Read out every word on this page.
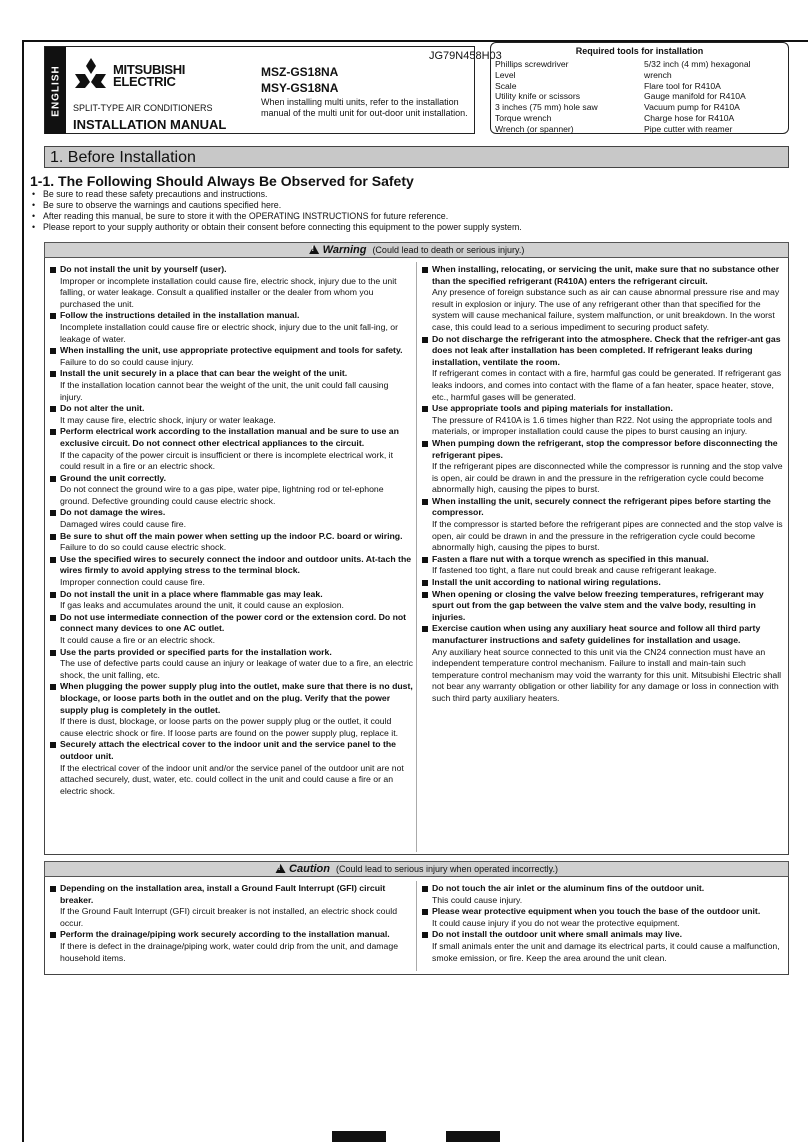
ENGLISH	MITSUBISHI
ELECTRIC
SPLIT-TYPE AIR CONDITIONERS
INSTALLATION MANUAL
JG79N458H03
MSZ-GS18NA
MSY-GS18NA
When installing multi units, refer to the installation manual of the multi unit for out-door unit installation.
Required tools for installation
Phillips screwdriver
Level
Scale
Utility knife or scissors
3 inches (75 mm) hole saw
Torque wrench
Wrench (or spanner)
5/32 inch (4 mm) hexagonal
wrench
Flare tool for R410A
Gauge manifold for R410A
Vacuum pump for R410A
Charge hose for R410A
Pipe cutter with reamer
1. Before Installation
1-1. The Following Should Always Be Observed for Safety
• Be sure to read these safety precautions and instructions.
• Be sure to observe the warnings and cautions specified here.
• After reading this manual, be sure to store it with the OPERATING INSTRUCTIONS for future reference.
• Please report to your supply authority or obtain their consent before connecting this equipment to the power supply system.
!Warning (Could lead to death or serious injury.)
Do not install the unit by yourself (user).
Improper or incomplete installation could cause fire, electric shock, injury due to the unit falling, or water leakage. Consult a qualified installer or the dealer from whom you purchased the unit.
Follow the instructions detailed in the installation manual.
Incomplete installation could cause fire or electric shock, injury due to the unit fall-ing, or leakage of water.
When installing the unit, use appropriate protective equipment and tools for safety.
Failure to do so could cause injury.
Install the unit securely in a place that can bear the weight of the unit.
If the installation location cannot bear the weight of the unit, the unit could fall causing injury.
Do not alter the unit.
It may cause fire, electric shock, injury or water leakage.
Perform electrical work according to the installation manual and be sure to use an exclusive circuit. Do not connect other electrical appliances to the circuit.
If the capacity of the power circuit is insufficient or there is incomplete electrical work, it could result in a fire or an electric shock.
Ground the unit correctly.
Do not connect the ground wire to a gas pipe, water pipe, lightning rod or tel-ephone ground. Defective grounding could cause electric shock.
Do not damage the wires.
Damaged wires could cause fire.
Be sure to shut off the main power when setting up the indoor P.C. board or wiring.
Failure to do so could cause electric shock.
Use the specified wires to securely connect the indoor and outdoor units. At-tach the wires firmly to avoid applying stress to the terminal block.
Improper connection could cause fire.
Do not install the unit in a place where flammable gas may leak.
If gas leaks and accumulates around the unit, it could cause an explosion.
Do not use intermediate connection of the power cord or the extension cord. Do not connect many devices to one AC outlet.
It could cause a fire or an electric shock.
Use the parts provided or specified parts for the installation work.
The use of defective parts could cause an injury or leakage of water due to a fire, an electric shock, the unit falling, etc.
When plugging the power supply plug into the outlet, make sure that there is no dust, blockage, or loose parts both in the outlet and on the plug. Verify that the power supply plug is completely in the outlet.
If there is dust, blockage, or loose parts on the power supply plug or the outlet, it could cause electric shock or fire. If loose parts are found on the power supply plug, replace it.
Securely attach the electrical cover to the indoor unit and the service panel to the outdoor unit.
If the electrical cover of the indoor unit and/or the service panel of the outdoor unit are not attached securely, dust, water, etc. could collect in the unit and could cause a fire or an electric shock.
When installing, relocating, or servicing the unit, make sure that no substance other than the specified refrigerant (R410A) enters the refrigerant circuit.
Any presence of foreign substance such as air can cause abnormal pressure rise and may result in explosion or injury. The use of any refrigerant other than that specified for the system will cause mechanical failure, system malfunction, or unit breakdown. In the worst case, this could lead to a serious impediment to securing product safety.
Do not discharge the refrigerant into the atmosphere. Check that the refriger-ant gas does not leak after installation has been completed. If refrigerant leaks during installation, ventilate the room.
If refrigerant comes in contact with a fire, harmful gas could be generated. If refrigerant gas leaks indoors, and comes into contact with the flame of a fan heater, space heater, stove, etc., harmful gases will be generated.
Use appropriate tools and piping materials for installation.
The pressure of R410A is 1.6 times higher than R22. Not using the appropriate tools and materials, or improper installation could cause the pipes to burst causing an injury.
When pumping down the refrigerant, stop the compressor before disconnecting the refrigerant pipes.
If the refrigerant pipes are disconnected while the compressor is running and the stop valve is open, air could be drawn in and the pressure in the refrigeration cycle could become abnormally high, causing the pipes to burst.
When installing the unit, securely connect the refrigerant pipes before starting the compressor.
If the compressor is started before the refrigerant pipes are connected and the stop valve is open, air could be drawn in and the pressure in the refrigeration cycle could become abnormally high, causing the pipes to burst.
Fasten a flare nut with a torque wrench as specified in this manual.
If fastened too tight, a flare nut could break and cause refrigerant leakage.
Install the unit according to national wiring regulations.
When opening or closing the valve below freezing temperatures, refrigerant may spurt out from the gap between the valve stem and the valve body, resulting in injuries.
Exercise caution when using any auxiliary heat source and follow all third party manufacturer instructions and safety guidelines for installation and usage.
Any auxiliary heat source connected to this unit via the CN24 connection must have an independent temperature control mechanism. Failure to install and main-tain such temperature control mechanism may void the warranty for this unit. Mitsubishi Electric shall not bear any warranty obligation or other liability for any damage or loss in connection with such third party auxiliary heaters.
!Caution (Could lead to serious injury when operated incorrectly.)
Depending on the installation area, install a Ground Fault Interrupt (GFI) circuit breaker.
If the Ground Fault Interrupt (GFI) circuit breaker is not installed, an electric shock could occur.
Perform the drainage/piping work securely according to the installation manual.
If there is defect in the drainage/piping work, water could drip from the unit, and damage household items.
Do not touch the air inlet or the aluminum fins of the outdoor unit.
This could cause injury.
Please wear protective equipment when you touch the base of the outdoor unit.
It could cause injury if you do not wear the protective equipment.
Do not install the outdoor unit where small animals may live.
If small animals enter the unit and damage its electrical parts, it could cause a malfunction, smoke emission, or fire. Keep the area around the unit clean.
